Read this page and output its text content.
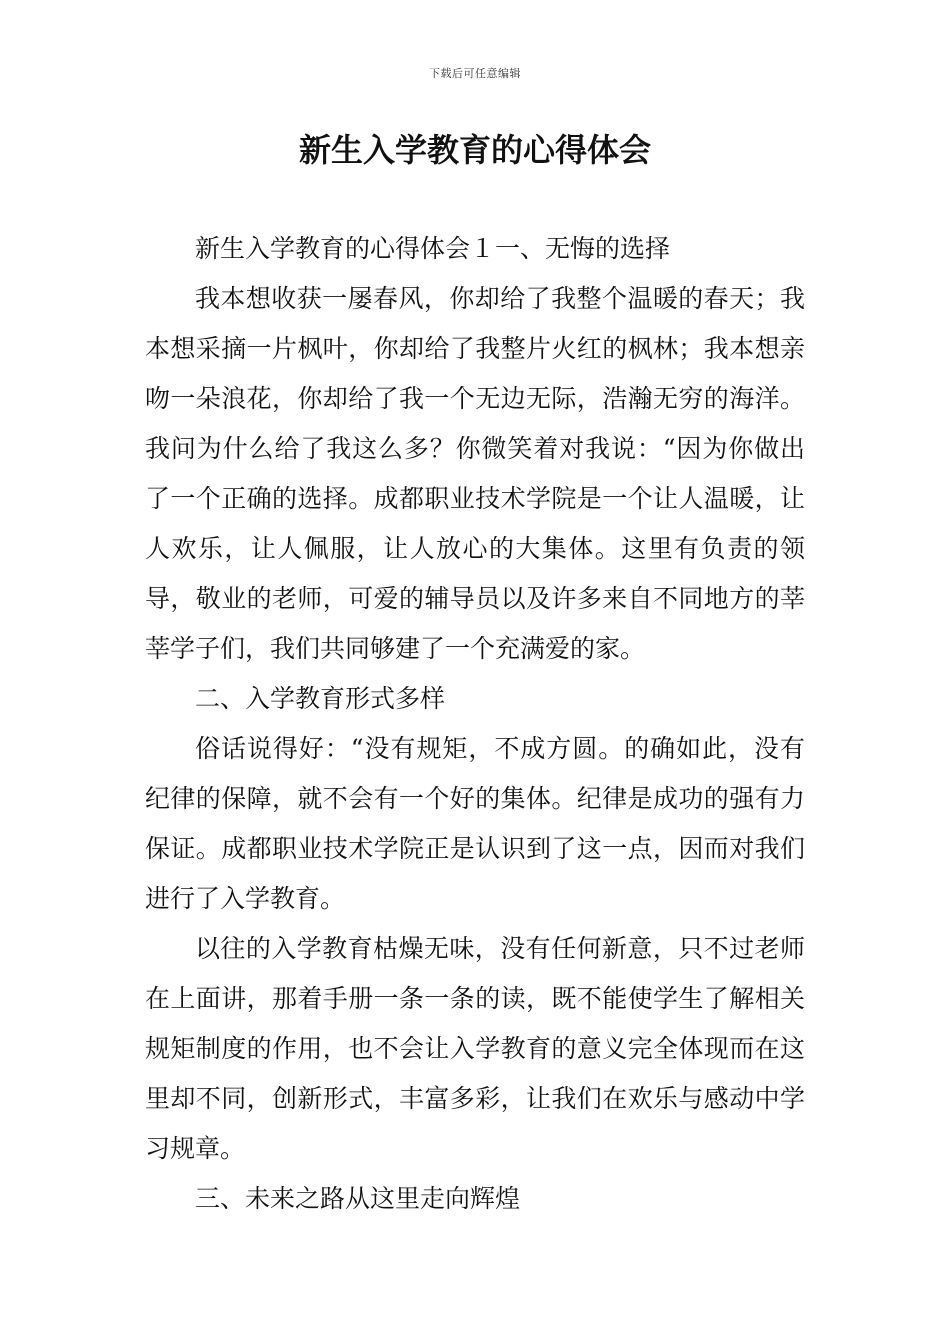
下载后可任意编辑
新生入学教育的心得体会

新生入学教育的心得体会１一、无悔的选择

我本想收获一屡春风，你却给了我整个温暖的春天；我本想采摘一片枫叶，你却给了我整片火红的枫林；我本想亲吻一朵浪花，你却给了我一个无边无际，浩瀚无穷的海洋。我问为什么给了我这么多？你微笑着对我说：“因为你做出了一个正确的选择。成都职业技术学院是一个让人温暖，让人欢乐，让人佩服，让人放心的大集体。这里有负责的领导，敬业的老师，可爱的辅导员以及许多来自不同地方的莘莘学子们，我们共同够建了一个充满爱的家。

二、入学教育形式多样

俗话说得好：“没有规矩，不成方圆。的确如此，没有纪律的保障，就不会有一个好的集体。纪律是成功的强有力保证。成都职业技术学院正是认识到了这一点，因而对我们进行了入学教育。

以往的入学教育枯燥无味，没有任何新意，只不过老师在上面讲，那着手册一条一条的读，既不能使学生了解相关规矩制度的作用，也不会让入学教育的意义完全体现而在这里却不同，创新形式，丰富多彩，让我们在欢乐与感动中学习规章。

三、未来之路从这里走向辉煌
